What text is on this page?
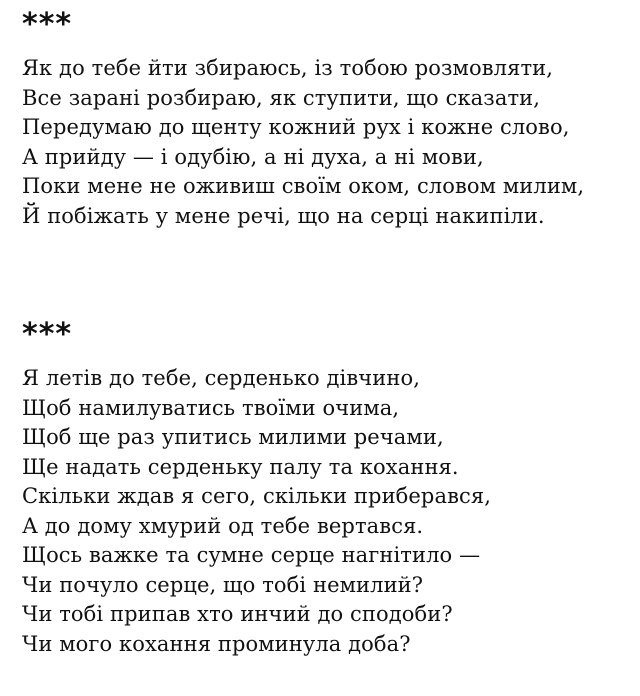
***
Як до тебе йти збираюсь, із тобою розмовляти,
Все зарані розбираю, як ступити, що сказати,
Передумаю до щенту кожний рух і кожне слово,
А прийду — і одубію, а ні духа, а ні мови,
Поки мене не оживиш своїм оком, словом милим,
Й побіжать у мене речі, що на серці накипіли.
***
Я летів до тебе, серденько дівчино,
Щоб намилуватись твоїми очима,
Щоб ще раз упитись милими речами,
Ще надать серденьку палу та кохання.
Скільки ждав я сего, скільки приберався,
А до дому хмурий од тебе вертався.
Щось важке та сумне серце нагнітило —
Чи почуло серце, що тобі немилий?
Чи тобі припав хто инчий до сподоби?
Чи мого кохання проминула доба?
